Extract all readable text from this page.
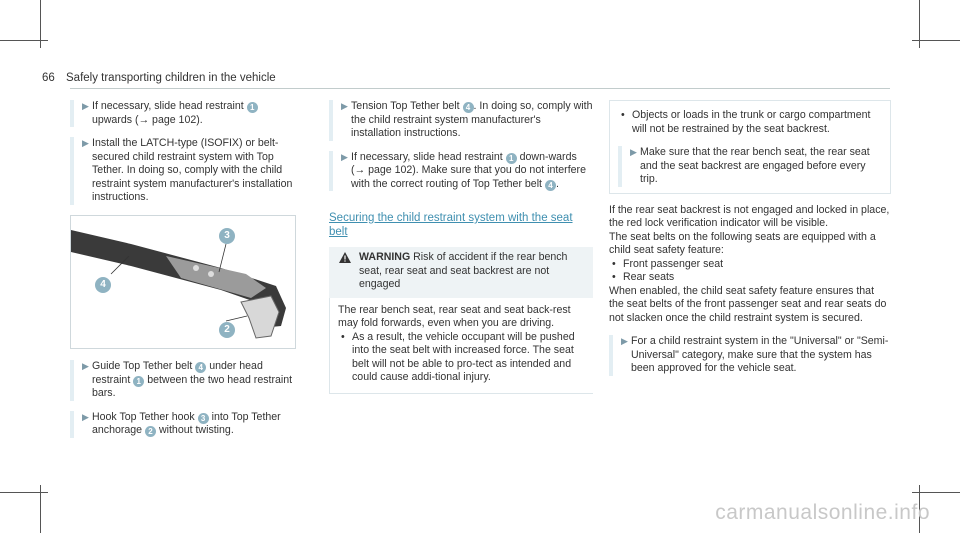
66 Safely transporting children in the vehicle
▶ If necessary, slide head restraint 1 upwards (→ page 102).
▶ Install the LATCH-type (ISOFIX) or belt-secured child restraint system with Top Tether. In doing so, comply with the child restraint system manufacturer's installation instructions.
4
3
2
▶ Guide Top Tether belt 4 under head restraint 1 between the two head restraint bars.
▶ Hook Top Tether hook 3 into Top Tether anchorage 2 without twisting.
▶ Tension Top Tether belt 4 . In doing so, comply with the child restraint system manufacturer's installation instructions.
▶ If necessary, slide head restraint 1 down-wards (→ page 102). Make sure that you do not interfere with the correct routing of Top Tether belt 4 .
Securing the child restraint system with the seat belt
WARNING Risk of accident if the rear bench seat, rear seat and seat backrest are not engaged
The rear bench seat, rear seat and seat back-rest may fold forwards, even when you are driving.
• As a result, the vehicle occupant will be pushed into the seat belt with increased force. The seat belt will not be able to pro-tect as intended and could cause addi-tional injury.
• Objects or loads in the trunk or cargo compartment will not be restrained by the seat backrest.
▶ Make sure that the rear bench seat, the rear seat and the seat backrest are engaged before every trip.
If the rear seat backrest is not engaged and locked in place, the red lock verification indicator will be visible.
The seat belts on the following seats are equipped with a child seat safety feature:
• Front passenger seat
• Rear seats
When enabled, the child seat safety feature ensures that the seat belts of the front passenger seat and rear seats do not slacken once the child restraint system is secured.
▶ For a child restraint system in the "Universal" or "Semi-Universal" category, make sure that the system has been approved for the vehicle seat.
carmanualsonline.info
